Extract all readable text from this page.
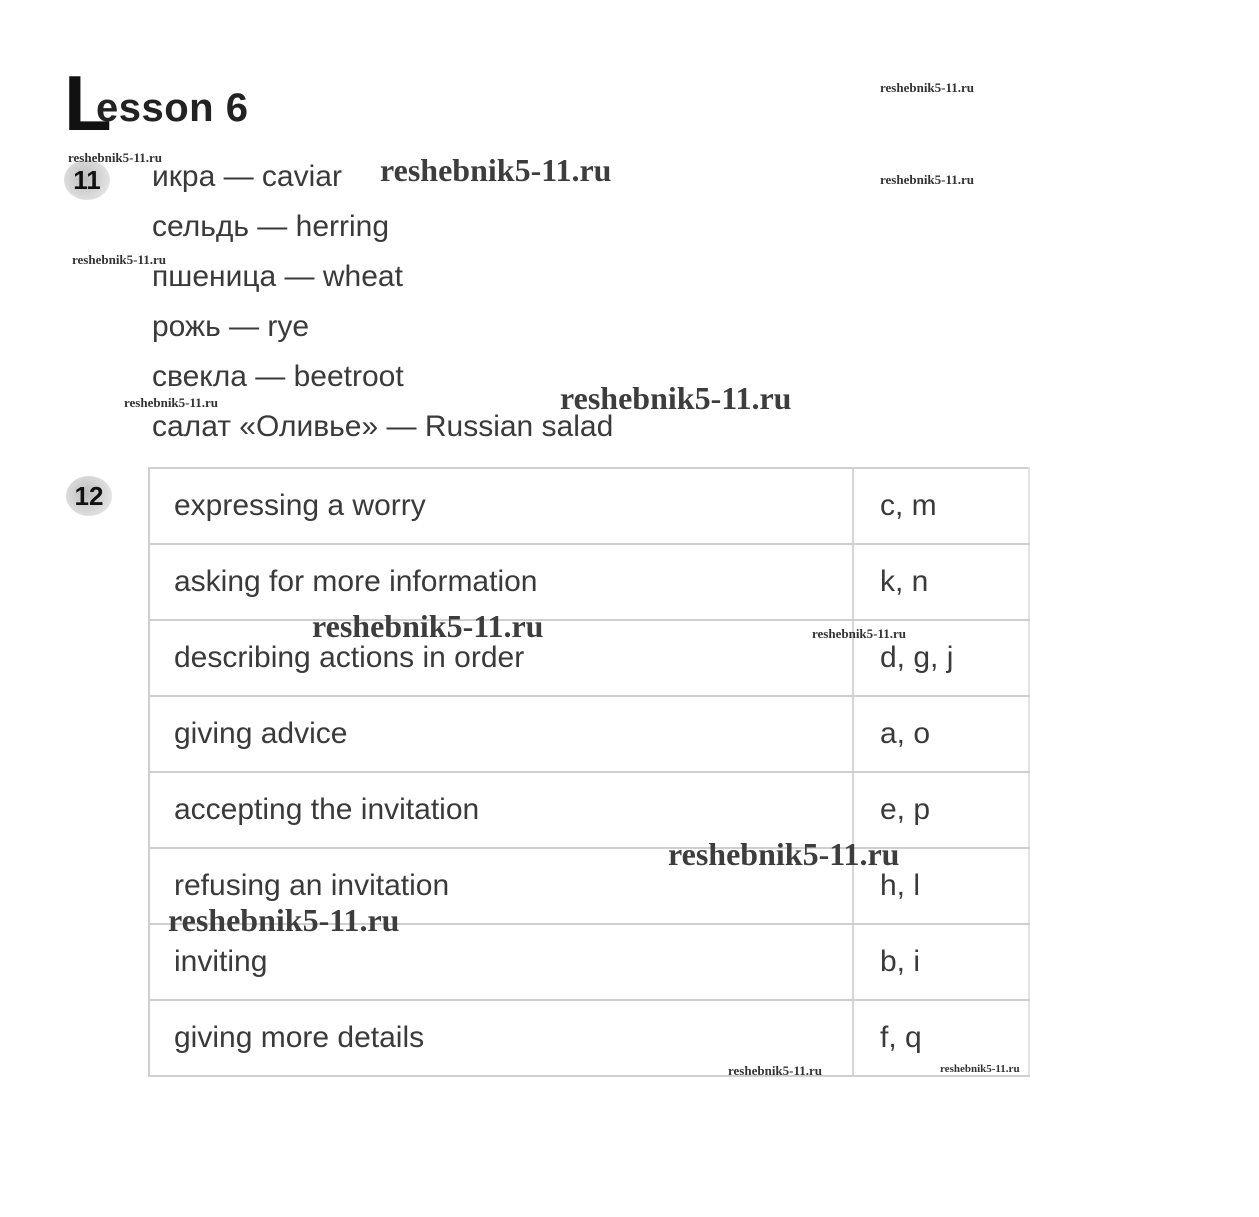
L
esson 6
11	икра — caviar
сельдь — herring
пшеница — wheat
рожь — rye
свекла — beetroot
салат «Оливье» — Russian salad
12 expressing a worry	c, m
asking for more information	k, n
describing actions in order	d, g, j
giving advice	a, o
accepting the invitation	e, p
refusing an invitation	h, l
inviting	b, i
giving more details	f, q
reshebnik5-11.ru
reshebnik5-11.ru	reshebnik5-11.ru	reshebnik5-11.ru
reshebnik5-11.ru
reshebnik5-11.ru
reshebnik5-11.ru
reshebnik5-11.ru	reshebnik5-11.ru
reshebnik5-11.ru
reshebnik5-11.ru
reshebnik5-11.ru	reshebnik5-11.ru
